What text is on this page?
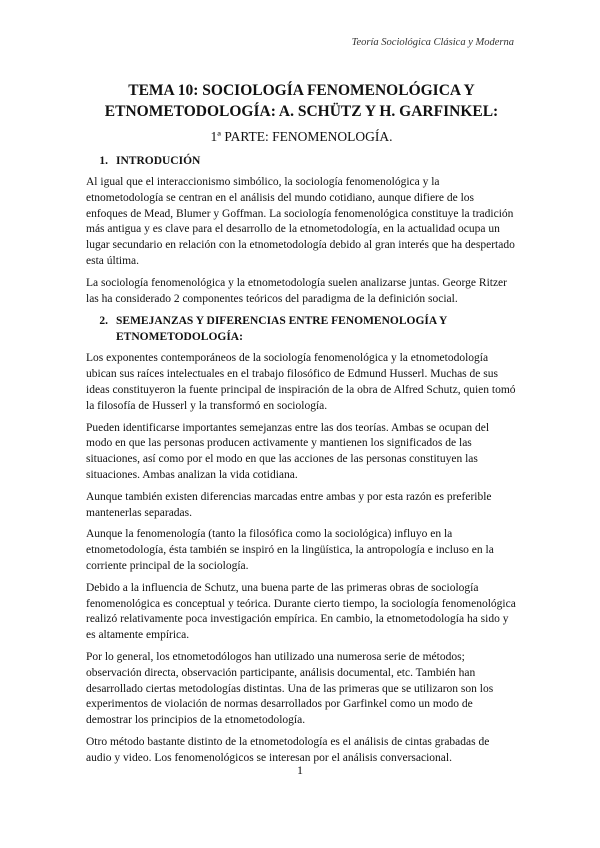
Teoría Sociológica Clásica y Moderna
TEMA 10: SOCIOLOGÍA FENOMENOLÓGICA Y
ETNOMETODOLOGÍA: A. SCHÜTZ Y H. GARFINKEL:
1ª PARTE: FENOMENOLOGÍA.
1. INTRODUCIÓN

Al igual que el interaccionismo simbólico, la sociología fenomenológica y la etnometodología se centran en el análisis del mundo cotidiano, aunque difiere de los enfoques de Mead, Blumer y Goffman. La sociología fenomenológica constituye la tradición más antigua y es clave para el desarrollo de la etnometodología, en la actualidad ocupa un lugar secundario en relación con la etnometodología debido al gran interés que ha despertado esta última.

La sociología fenomenológica y la etnometodología suelen analizarse juntas. George Ritzer las ha considerado 2 componentes teóricos del paradigma de la definición social.

2. SEMEJANZAS Y DIFERENCIAS ENTRE FENOMENOLOGÍA Y ETNOMETODOLOGÍA:

Los exponentes contemporáneos de la sociología fenomenológica y la etnometodología ubican sus raíces intelectuales en el trabajo filosófico de Edmund Husserl. Muchas de sus ideas constituyeron la fuente principal de inspiración de la obra de Alfred Schutz, quien tomó la filosofía de Husserl y la transformó en sociología.

Pueden identificarse importantes semejanzas entre las dos teorías. Ambas se ocupan del modo en que las personas producen activamente y mantienen los significados de las situaciones, así como por el modo en que las acciones de las personas constituyen las situaciones. Ambas analizan la vida cotidiana.

Aunque también existen diferencias marcadas entre ambas y por esta razón es preferible mantenerlas separadas.

Aunque la fenomenología (tanto la filosófica como la sociológica) influyo en la etnometodología, ésta también se inspiró en la lingüística, la antropología e incluso en la corriente principal de la sociología.

Debido a la influencia de Schutz, una buena parte de las primeras obras de sociología fenomenológica es conceptual y teórica. Durante cierto tiempo, la sociología fenomenológica realizó relativamente poca investigación empírica. En cambio, la etnometodología ha sido y es altamente empírica.

Por lo general, los etnometodólogos han utilizado una numerosa serie de métodos; observación directa, observación participante, análisis documental, etc. También han desarrollado ciertas metodologías distintas. Una de las primeras que se utilizaron son los experimentos de violación de normas desarrollados por Garfinkel como un modo de demostrar los principios de la etnometodología.

Otro método bastante distinto de la etnometodología es el análisis de cintas grabadas de audio y video. Los fenomenológicos se interesan por el análisis conversacional.

1
